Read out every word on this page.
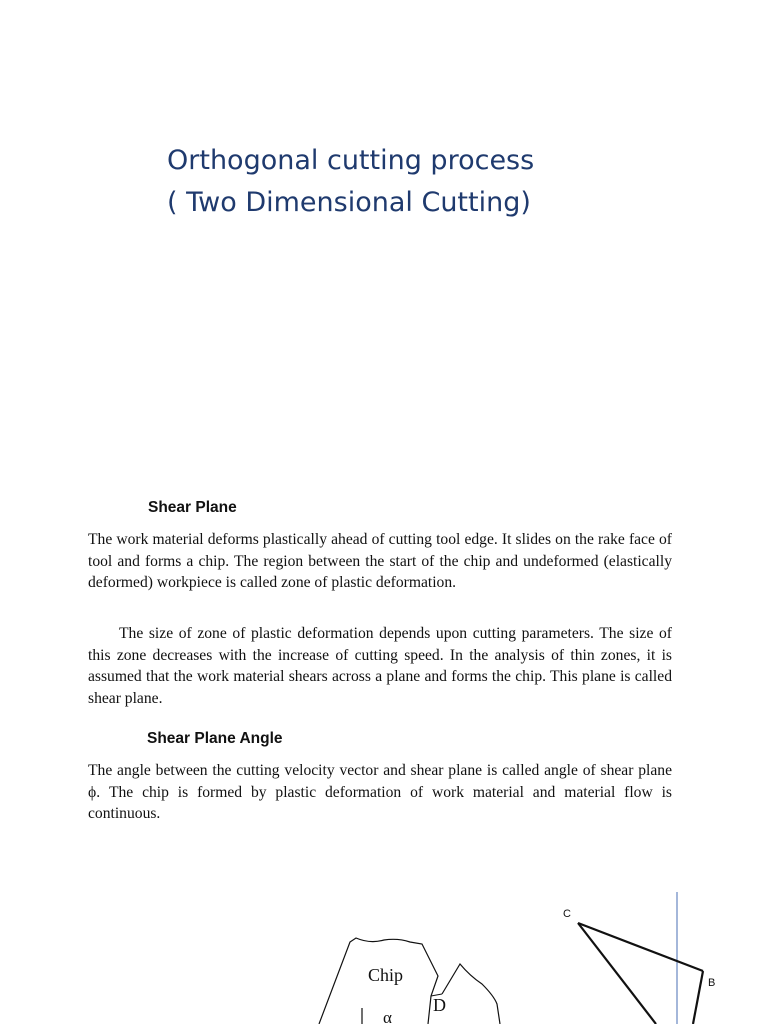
Orthogonal cutting process
( Two Dimensional Cutting)
Shear Plane

The work material deforms plastically ahead of cutting tool edge. It slides on the rake face of tool and forms a chip. The region between the start of the chip and undeformed (elastically deformed) workpiece is called zone of plastic deformation.

The size of zone of plastic deformation depends upon cutting parameters. The size of this zone decreases with the increase of cutting speed. In the analysis of thin zones, it is assumed that the work material shears across a plane and forms the chip. This plane is called shear plane.

Shear Plane Angle

The angle between the cutting velocity vector and shear plane is called angle of shear plane ϕ. The chip is formed by plastic deformation of work material and material flow is continuous.

Chip
D
α
C
B
